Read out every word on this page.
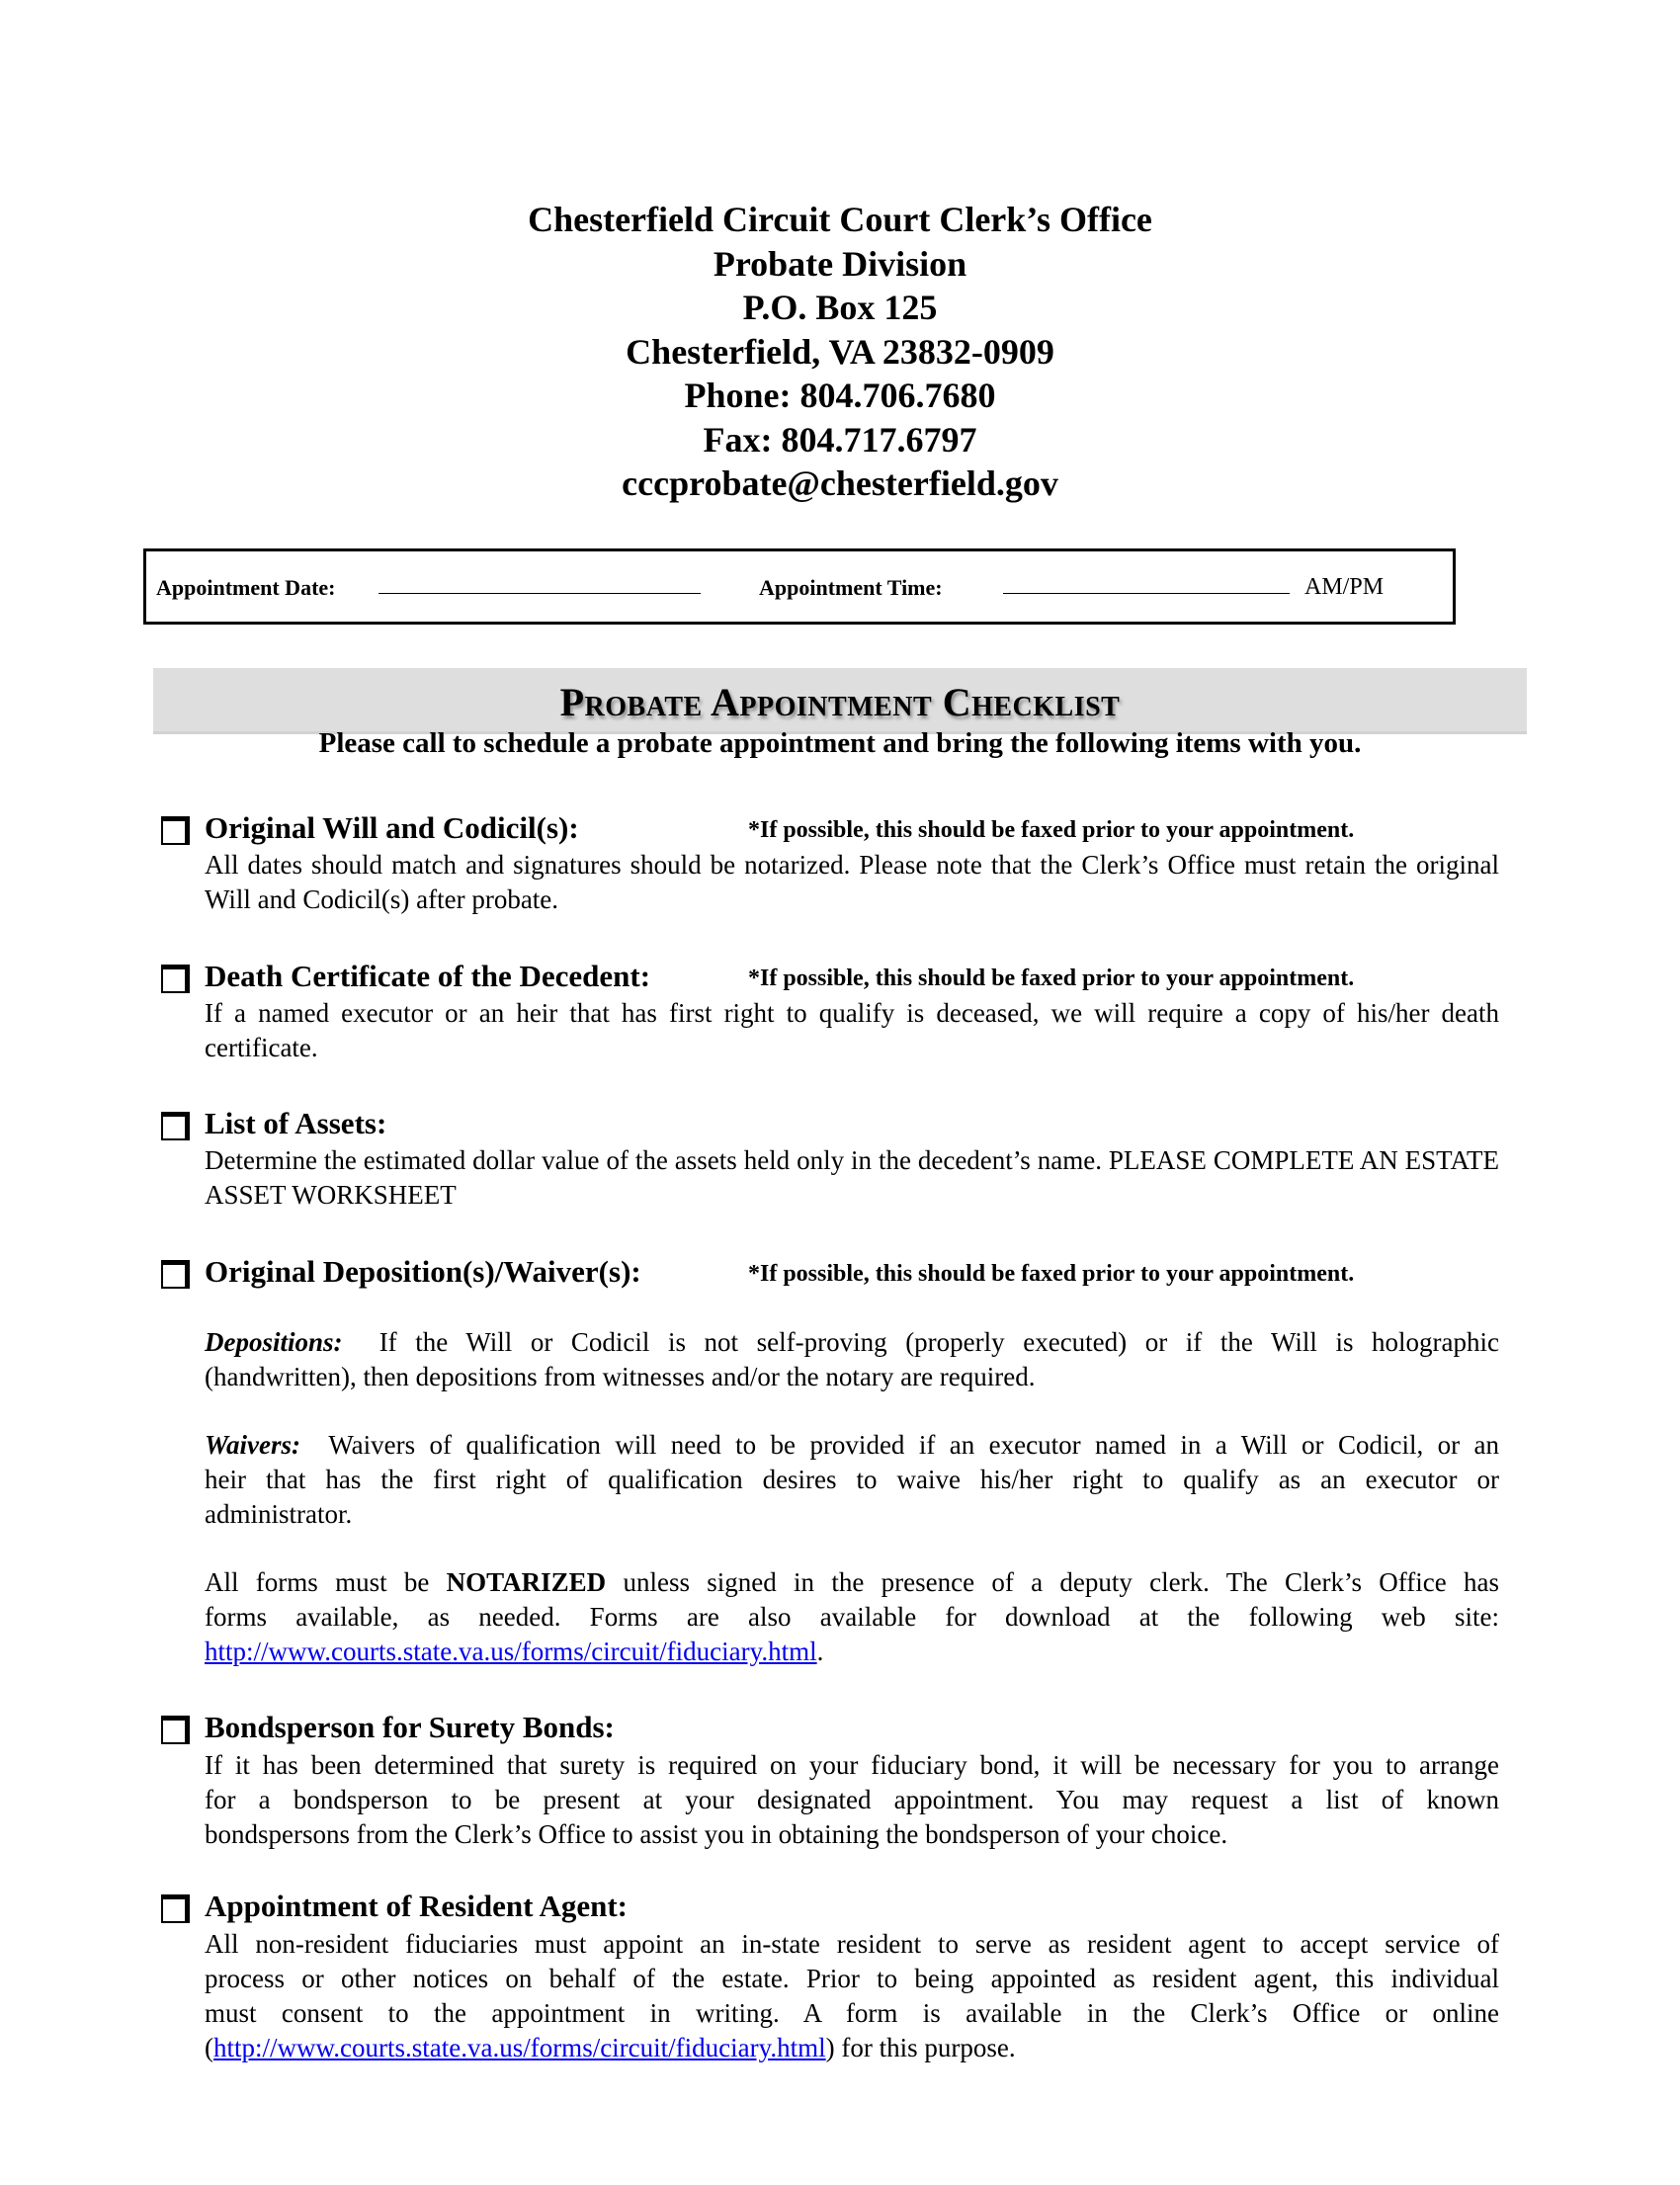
Chesterfield Circuit Court Clerk’s Office
Probate Division
P.O. Box 125
Chesterfield, VA 23832-0909
Phone: 804.706.7680
Fax: 804.717.6797
cccprobate@chesterfield.gov
Appointment Date:	Appointment Time:	AM/PM
Probate Appointment Checklist
Please call to schedule a probate appointment and bring the following items with you.
Original Will and Codicil(s):	*If possible, this should be faxed prior to your appointment.
All dates should match and signatures should be notarized. Please note that the Clerk’s Office must retain the original Will and Codicil(s) after probate.
Death Certificate of the Decedent:	*If possible, this should be faxed prior to your appointment.
If a named executor or an heir that has first right to qualify is deceased, we will require a copy of his/her death certificate.
List of Assets:
Determine the estimated dollar value of the assets held only in the decedent’s name. PLEASE COMPLETE AN ESTATE ASSET WORKSHEET
Original Deposition(s)/Waiver(s):	*If possible, this should be faxed prior to your appointment.
Depositions: If the Will or Codicil is not self-proving (properly executed) or if the Will is holographic
(handwritten), then depositions from witnesses and/or the notary are required.
Waivers: Waivers of qualification will need to be provided if an executor named in a Will or Codicil, or an
heir that has the first right of qualification desires to waive his/her right to qualify as an executor or
administrator.
All forms must be NOTARIZED unless signed in the presence of a deputy clerk. The Clerk’s Office has
forms available, as needed. Forms are also available for download at the following web site:
http://www.courts.state.va.us/forms/circuit/fiduciary.html.
Bondsperson for Surety Bonds:
If it has been determined that surety is required on your fiduciary bond, it will be necessary for you to arrange
for a bondsperson to be present at your designated appointment. You may request a list of known
bondspersons from the Clerk’s Office to assist you in obtaining the bondsperson of your choice.
Appointment of Resident Agent:
All non-resident fiduciaries must appoint an in-state resident to serve as resident agent to accept service of
process or other notices on behalf of the estate. Prior to being appointed as resident agent, this individual
must consent to the appointment in writing. A form is available in the Clerk’s Office or online
(http://www.courts.state.va.us/forms/circuit/fiduciary.html) for this purpose.
